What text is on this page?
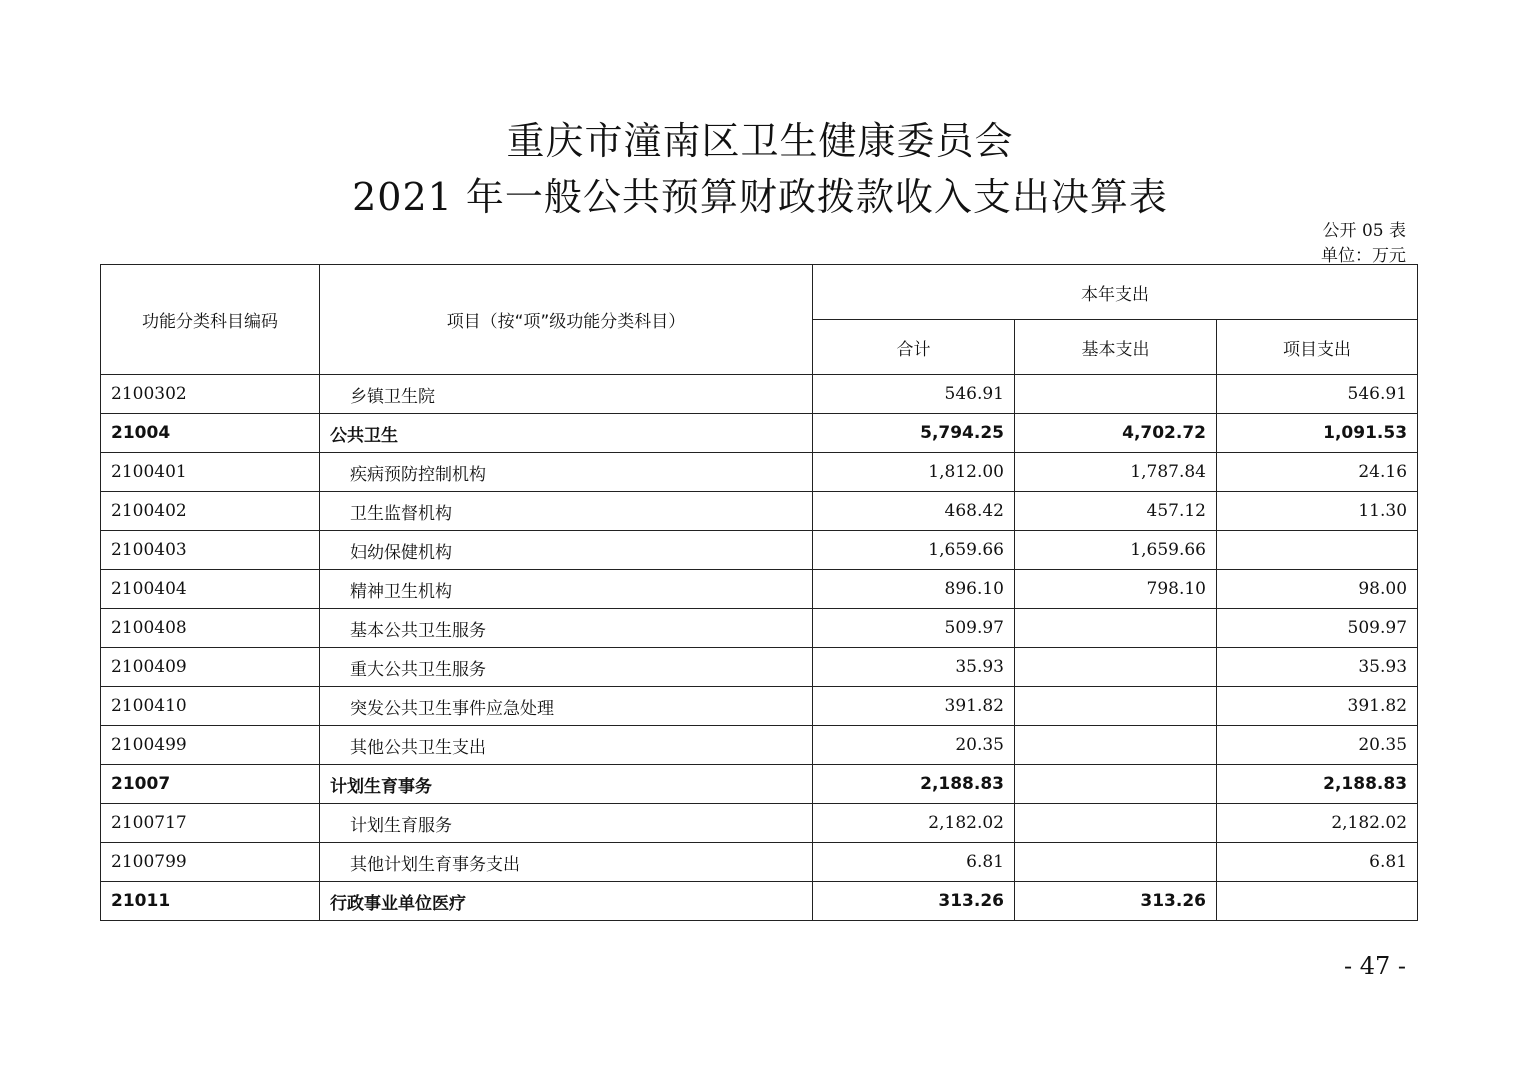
重庆市潼南区卫生健康委员会
2021 年一般公共预算财政拨款收入支出决算表
公开 05 表
单位：万元
功能分类科目编码	项目（按“项”级功能分类科目）	本年支出		
		合计	基本支出	项目支出
2100302	乡镇卫生院	546.91		546.91
21004	公共卫生	5,794.25	4,702.72	1,091.53
2100401	疾病预防控制机构	1,812.00	1,787.84	24.16
2100402	卫生监督机构	468.42	457.12	11.30
2100403	妇幼保健机构	1,659.66	1,659.66	
2100404	精神卫生机构	896.10	798.10	98.00
2100408	基本公共卫生服务	509.97		509.97
2100409	重大公共卫生服务	35.93		35.93
2100410	突发公共卫生事件应急处理	391.82		391.82
2100499	其他公共卫生支出	20.35		20.35
21007	计划生育事务	2,188.83		2,188.83
2100717	计划生育服务	2,182.02		2,182.02
2100799	其他计划生育事务支出	6.81		6.81
21011	行政事业单位医疗	313.26	313.26	
- 47 -
